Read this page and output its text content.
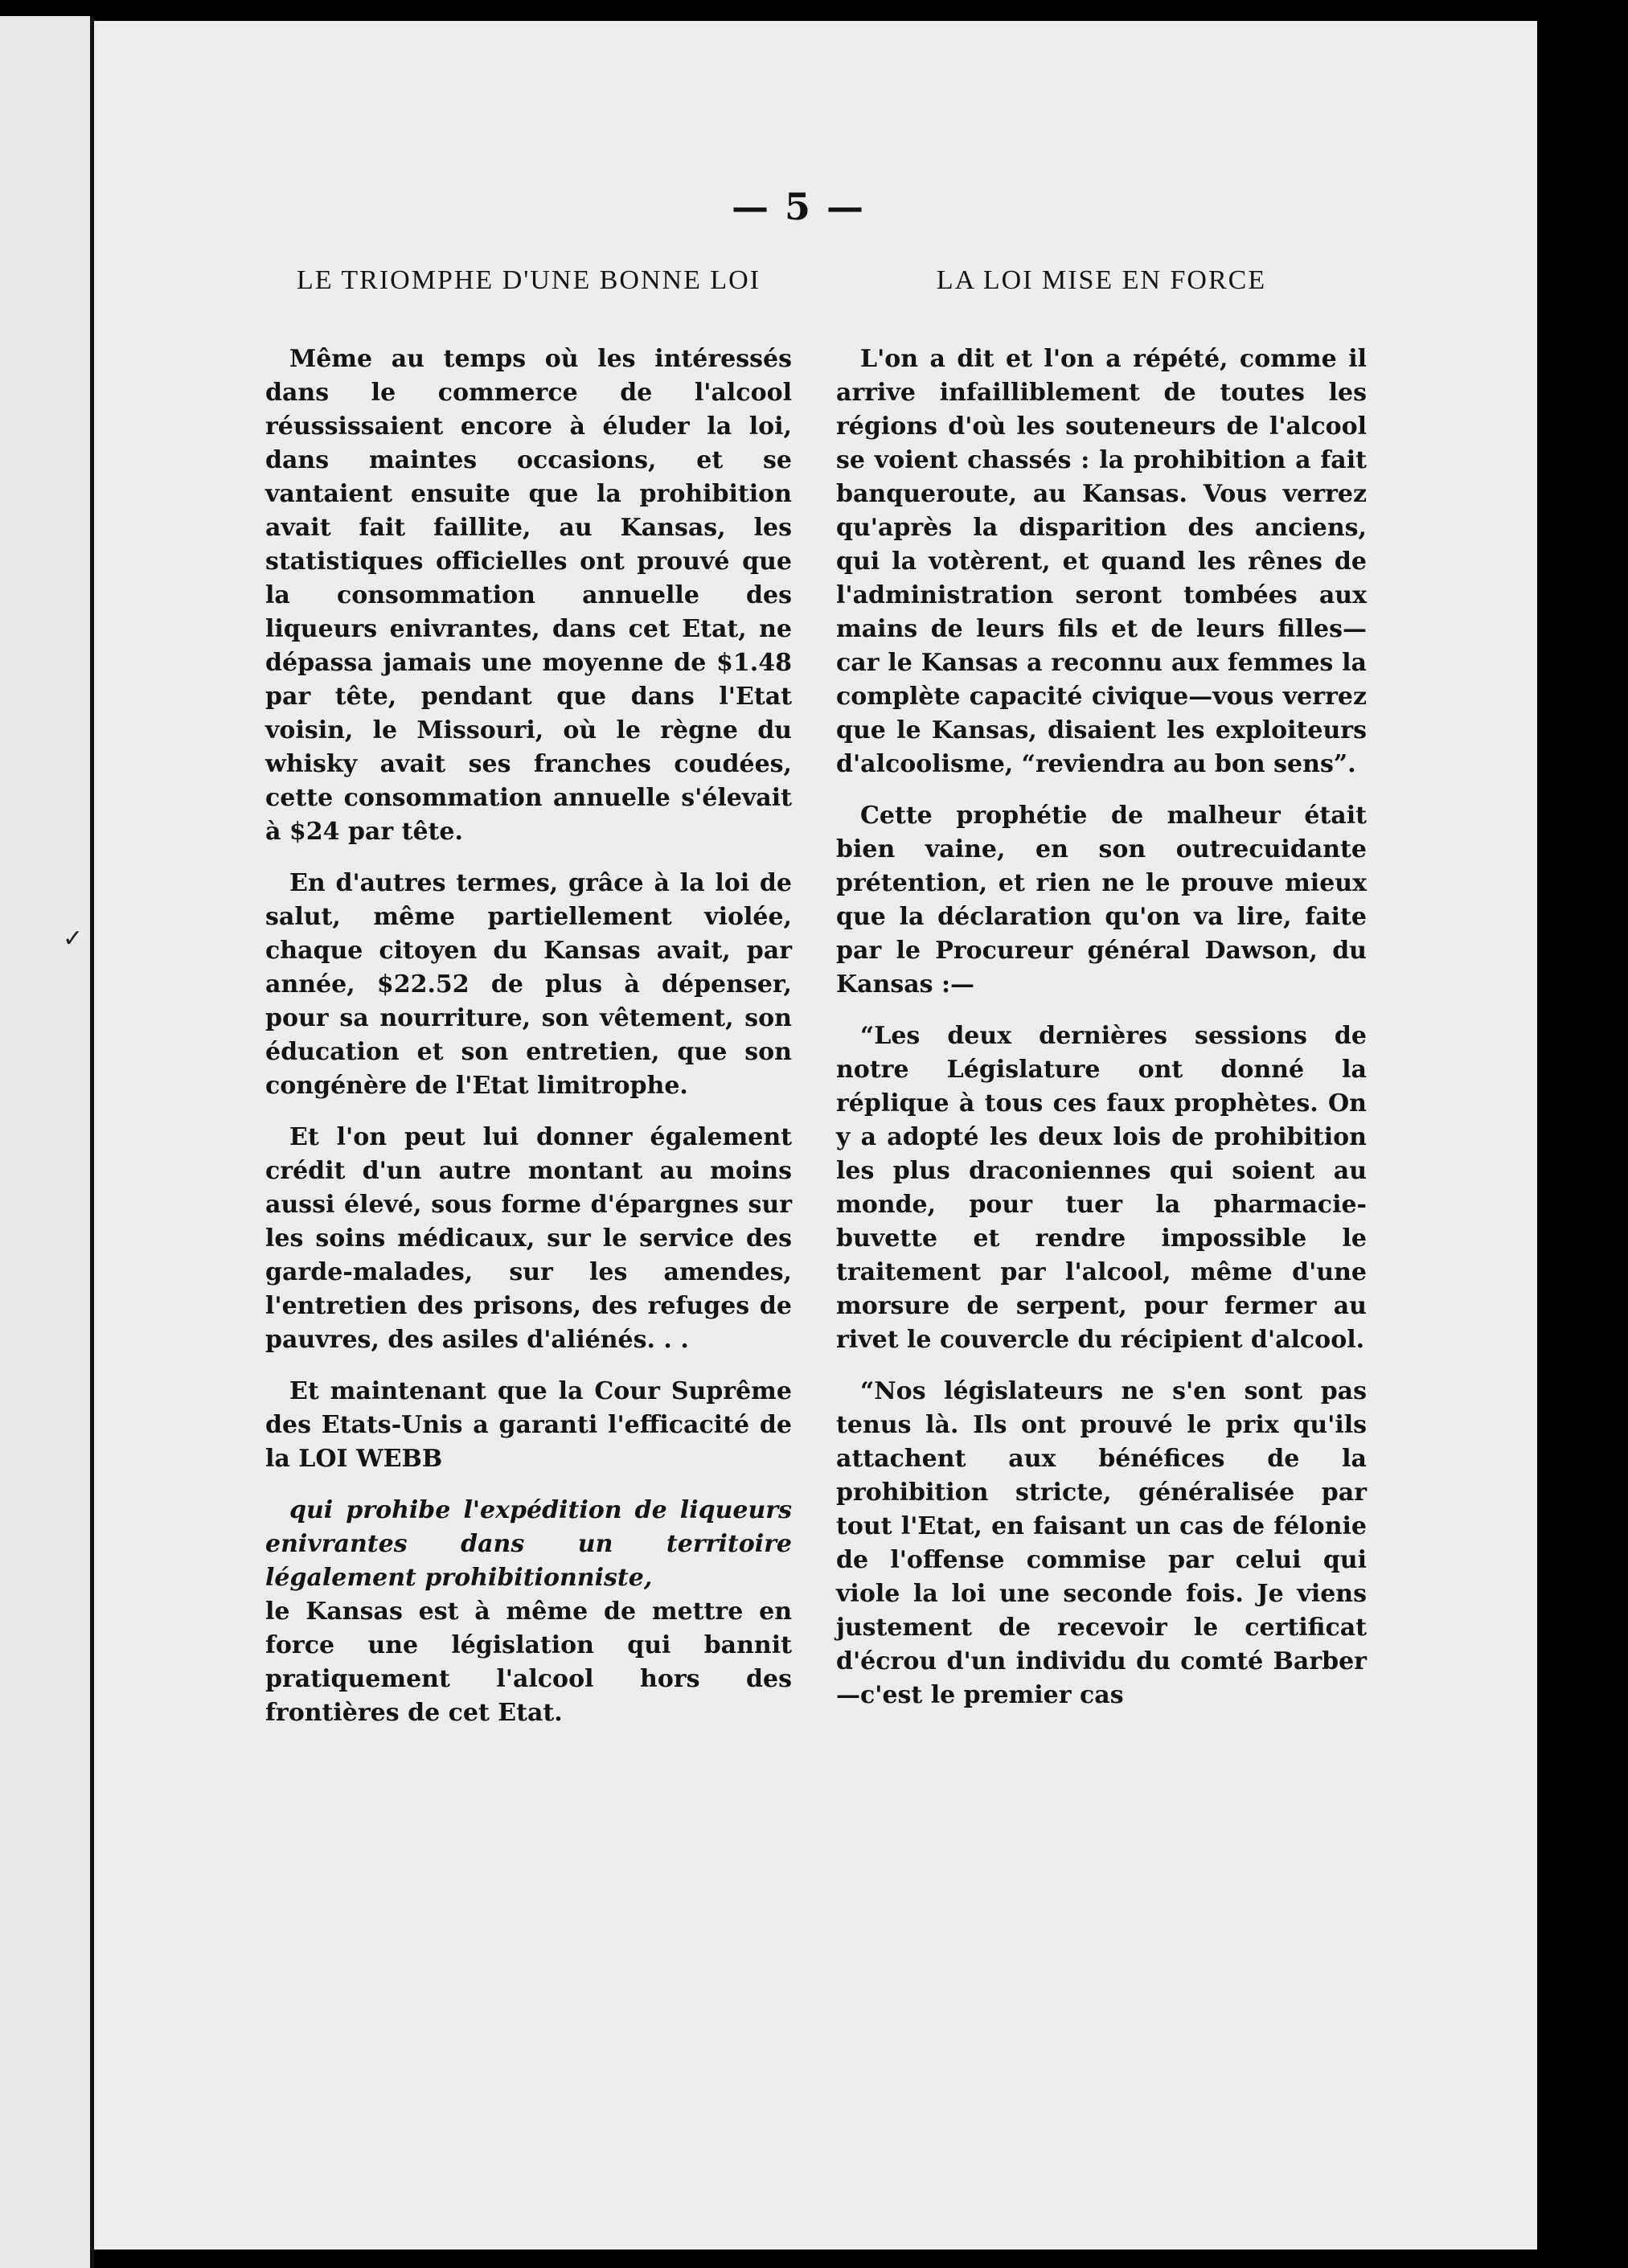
✓
— 5 —
LE TRIOMPHE D'UNE BONNE LOI

Même au temps où les intéressés dans le commerce de l'alcool réussissaient encore à éluder la loi, dans maintes occasions, et se vantaient ensuite que la prohibition avait fait faillite, au Kansas, les statistiques officielles ont prouvé que la consommation annuelle des liqueurs enivrantes, dans cet Etat, ne dépassa jamais une moyenne de $1.48 par tête, pendant que dans l'Etat voisin, le Missouri, où le règne du whisky avait ses franches coudées, cette consommation annuelle s'élevait à $24 par tête.

En d'autres termes, grâce à la loi de salut, même partiellement violée, chaque citoyen du Kansas avait, par année, $22.52 de plus à dépenser, pour sa nourriture, son vêtement, son éducation et son entretien, que son congénère de l'Etat limitrophe.

Et l'on peut lui donner également crédit d'un autre montant au moins aussi élevé, sous forme d'épargnes sur les soins médicaux, sur le service des garde-malades, sur les amendes, l'entretien des prisons, des refuges de pauvres, des asiles d'aliénés. . .

Et maintenant que la Cour Suprême des Etats-Unis a garanti l'efficacité de la LOI WEBB

qui prohibe l'expédition de liqueurs enivrantes dans un territoire légalement prohibitionniste,

le Kansas est à même de mettre en force une législation qui bannit pratiquement l'alcool hors des frontières de cet Etat.

LA LOI MISE EN FORCE

L'on a dit et l'on a répété, comme il arrive infailliblement de toutes les régions d'où les souteneurs de l'alcool se voient chassés : la prohibition a fait banqueroute, au Kansas. Vous verrez qu'après la disparition des anciens, qui la votèrent, et quand les rênes de l'administration seront tombées aux mains de leurs fils et de leurs filles—car le Kansas a reconnu aux femmes la complète capacité civique—vous verrez que le Kansas, disaient les exploiteurs d'alcoolisme, “reviendra au bon sens”.

Cette prophétie de malheur était bien vaine, en son outrecuidante prétention, et rien ne le prouve mieux que la déclaration qu'on va lire, faite par le Procureur général Dawson, du Kansas :—

“Les deux dernières sessions de notre Législature ont donné la réplique à tous ces faux prophètes. On y a adopté les deux lois de prohibition les plus draconiennes qui soient au monde, pour tuer la pharmacie-buvette et rendre impossible le traitement par l'alcool, même d'une morsure de serpent, pour fermer au rivet le couvercle du récipient d'alcool.

“Nos législateurs ne s'en sont pas tenus là. Ils ont prouvé le prix qu'ils attachent aux bénéfices de la prohibition stricte, généralisée par tout l'Etat, en faisant un cas de félonie de l'offense commise par celui qui viole la loi une seconde fois. Je viens justement de recevoir le certificat d'écrou d'un individu du comté Barber—c'est le premier cas
